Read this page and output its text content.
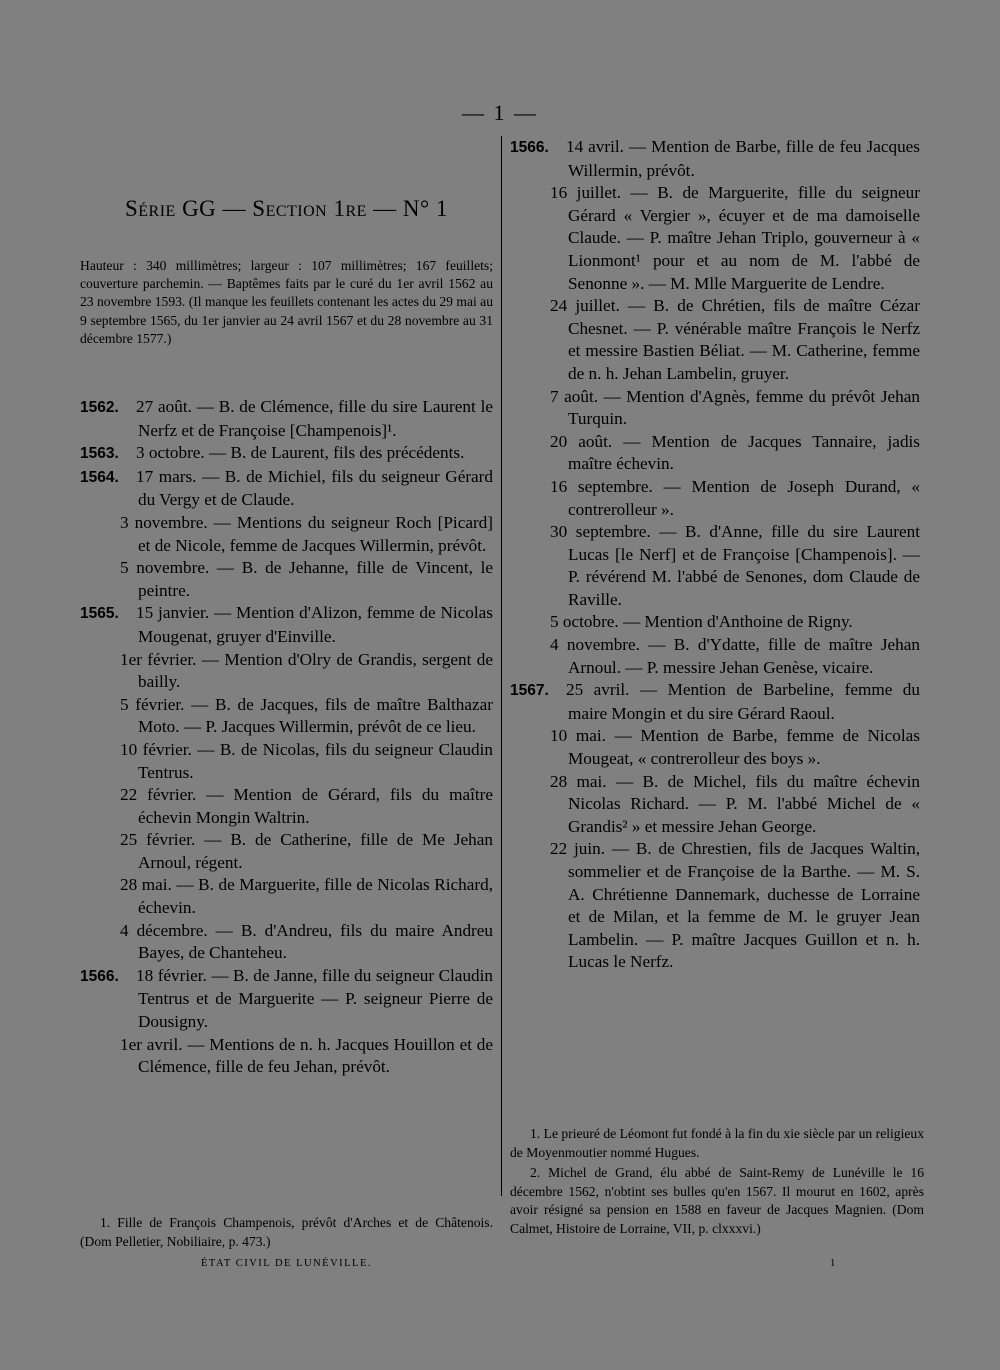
— 1 —
Série GG — Section 1re — N° 1
Hauteur : 340 millimètres; largeur : 107 millimètres; 167 feuillets; couverture parchemin. — Baptêmes faits par le curé du 1er avril 1562 au 23 novembre 1593. (Il manque les feuillets contenant les actes du 29 mai au 9 septembre 1565, du 1er janvier au 24 avril 1567 et du 28 novembre au 31 décembre 1577.)
1562. 27 août. — B. de Clémence, fille du sire Laurent le Nerfz et de Françoise [Champenois]¹.
1563. 3 octobre. — B. de Laurent, fils des précédents.
1564. 17 mars. — B. de Michiel, fils du seigneur Gérard du Vergy et de Claude.
3 novembre. — Mentions du seigneur Roch [Picard] et de Nicole, femme de Jacques Willermin, prévôt.
5 novembre. — B. de Jehanne, fille de Vincent, le peintre.
1565. 15 janvier. — Mention d'Alizon, femme de Nicolas Mougenat, gruyer d'Einville.
1er février. — Mention d'Olry de Grandis, sergent de bailly.
5 février. — B. de Jacques, fils de maître Balthazar Moto. — P. Jacques Willermin, prévôt de ce lieu.
10 février. — B. de Nicolas, fils du seigneur Claudin Tentrus.
22 février. — Mention de Gérard, fils du maître échevin Mongin Waltrin.
25 février. — B. de Catherine, fille de Me Jehan Arnoul, régent.
28 mai. — B. de Marguerite, fille de Nicolas Richard, échevin.
4 décembre. — B. d'Andreu, fils du maire Andreu Bayes, de Chanteheu.
1566. 18 février. — B. de Janne, fille du seigneur Claudin Tentrus et de Marguerite — P. seigneur Pierre de Dousigny.
1er avril. — Mentions de n. h. Jacques Houillon et de Clémence, fille de feu Jehan, prévôt.

1. Fille de François Champenois, prévôt d'Arches et de Châtenois. (Dom Pelletier, Nobiliaire, p. 473.)

ÉTAT CIVIL DE LUNÉVILLE.
1566. 14 avril. — Mention de Barbe, fille de feu Jacques Willermin, prévôt.
16 juillet. — B. de Marguerite, fille du seigneur Gérard « Vergier », écuyer et de ma damoiselle Claude. — P. maître Jehan Triplo, gouverneur à « Lionmont¹ pour et au nom de M. l'abbé de Senonne ». — M. Mlle Marguerite de Lendre.
24 juillet. — B. de Chrétien, fils de maître Cézar Chesnet. — P. vénérable maître François le Nerfz et messire Bastien Béliat. — M. Catherine, femme de n. h. Jehan Lambelin, gruyer.
7 août. — Mention d'Agnès, femme du prévôt Jehan Turquin.
20 août. — Mention de Jacques Tannaire, jadis maître échevin.
16 septembre. — Mention de Joseph Durand, « contrerolleur ».
30 septembre. — B. d'Anne, fille du sire Laurent Lucas [le Nerf] et de Françoise [Champenois]. — P. révérend M. l'abbé de Senones, dom Claude de Raville.
5 octobre. — Mention d'Anthoine de Rigny.
4 novembre. — B. d'Ydatte, fille de maître Jehan Arnoul. — P. messire Jehan Genèse, vicaire.
1567. 25 avril. — Mention de Barbeline, femme du maire Mongin et du sire Gérard Raoul.
10 mai. — Mention de Barbe, femme de Nicolas Mougeat, « contrerolleur des boys ».
28 mai. — B. de Michel, fils du maître échevin Nicolas Richard. — P. M. l'abbé Michel de « Grandis² » et messire Jehan George.
22 juin. — B. de Chrestien, fils de Jacques Waltin, sommelier et de Françoise de la Barthe. — M. S. A. Chrétienne Dannemark, duchesse de Lorraine et de Milan, et la femme de M. le gruyer Jean Lambelin. — P. maître Jacques Guillon et n. h. Lucas le Nerfz.

1. Le prieuré de Léomont fut fondé à la fin du xie siècle par un religieux de Moyenmoutier nommé Hugues.

2. Michel de Grand, élu abbé de Saint-Remy de Lunéville le 16 décembre 1562, n'obtint ses bulles qu'en 1567. Il mourut en 1602, après avoir résigné sa pension en 1588 en faveur de Jacques Magnien. (Dom Calmet, Histoire de Lorraine, VII, p. clxxxvi.)

1
